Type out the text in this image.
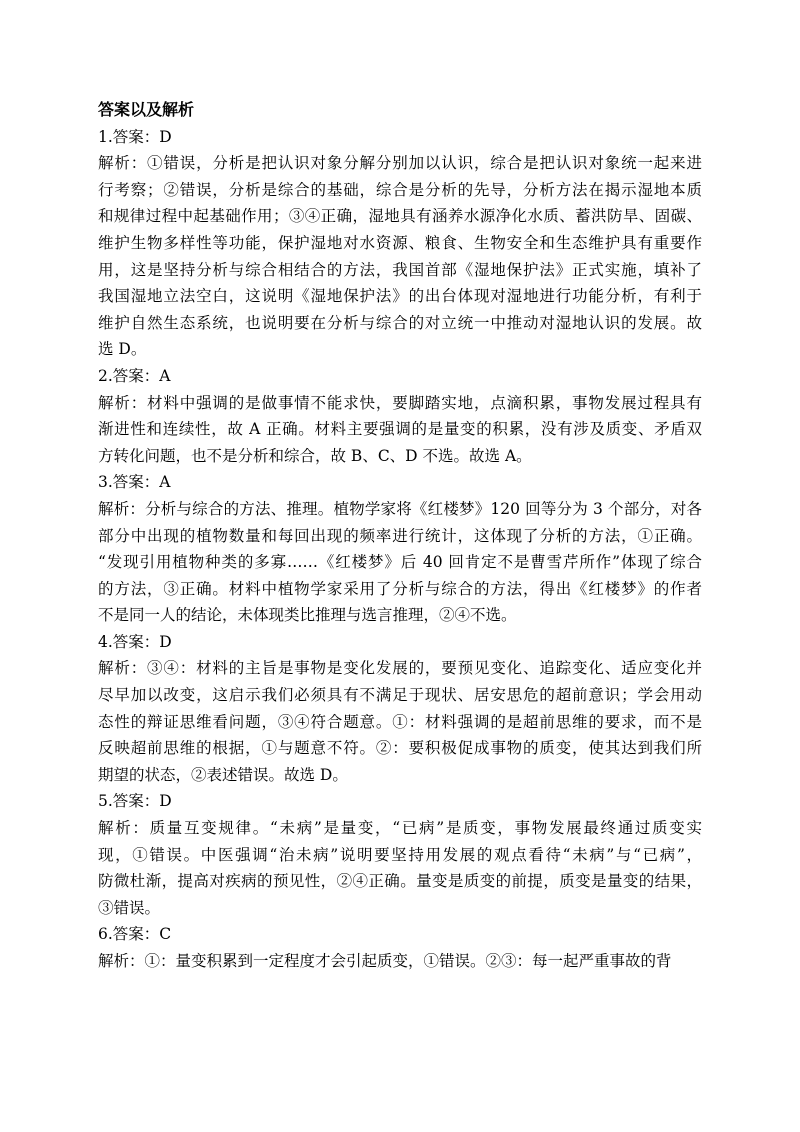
答案以及解析
1.答案：D
解析：①错误，分析是把认识对象分解分别加以认识，综合是把认识对象统一起来进
行考察；②错误，分析是综合的基础，综合是分析的先导，分析方法在揭示湿地本质
和规律过程中起基础作用；③④正确，湿地具有涵养水源净化水质、蓄洪防旱、固碳、
维护生物多样性等功能，保护湿地对水资源、粮食、生物安全和生态维护具有重要作
用，这是坚持分析与综合相结合的方法，我国首部《湿地保护法》正式实施，填补了
我国湿地立法空白，这说明《湿地保护法》的出台体现对湿地进行功能分析，有利于
维护自然生态系统，也说明要在分析与综合的对立统一中推动对湿地认识的发展。故
选 D。
2.答案：A
解析：材料中强调的是做事情不能求快，要脚踏实地，点滴积累，事物发展过程具有
渐进性和连续性，故 A 正确。材料主要强调的是量变的积累，没有涉及质变、矛盾双
方转化问题，也不是分析和综合，故 B、C、D 不选。故选 A。
3.答案：A
解析：分析与综合的方法、推理。植物学家将《红楼梦》120 回等分为 3 个部分，对各
部分中出现的植物数量和每回出现的频率进行统计，这体现了分析的方法，①正确。
“发现引用植物种类的多寡……《红楼梦》后 40 回肯定不是曹雪芹所作”体现了综合
的方法，③正确。材料中植物学家采用了分析与综合的方法，得出《红楼梦》的作者
不是同一人的结论，未体现类比推理与选言推理，②④不选。
4.答案：D
解析：③④：材料的主旨是事物是变化发展的，要预见变化、追踪变化、适应变化并
尽早加以改变，这启示我们必须具有不满足于现状、居安思危的超前意识；学会用动
态性的辩证思维看问题，③④符合题意。①：材料强调的是超前思维的要求，而不是
反映超前思维的根据，①与题意不符。②：要积极促成事物的质变，使其达到我们所
期望的状态，②表述错误。故选 D。
5.答案：D
解析：质量互变规律。“未病”是量变，“已病”是质变，事物发展最终通过质变实
现，①错误。中医强调“治未病”说明要坚持用发展的观点看待“未病”与“已病”，
防微杜渐，提高对疾病的预见性，②④正确。量变是质变的前提，质变是量变的结果，
③错误。
6.答案：C
解析：①：量变积累到一定程度才会引起质变，①错误。②③：每一起严重事故的背
